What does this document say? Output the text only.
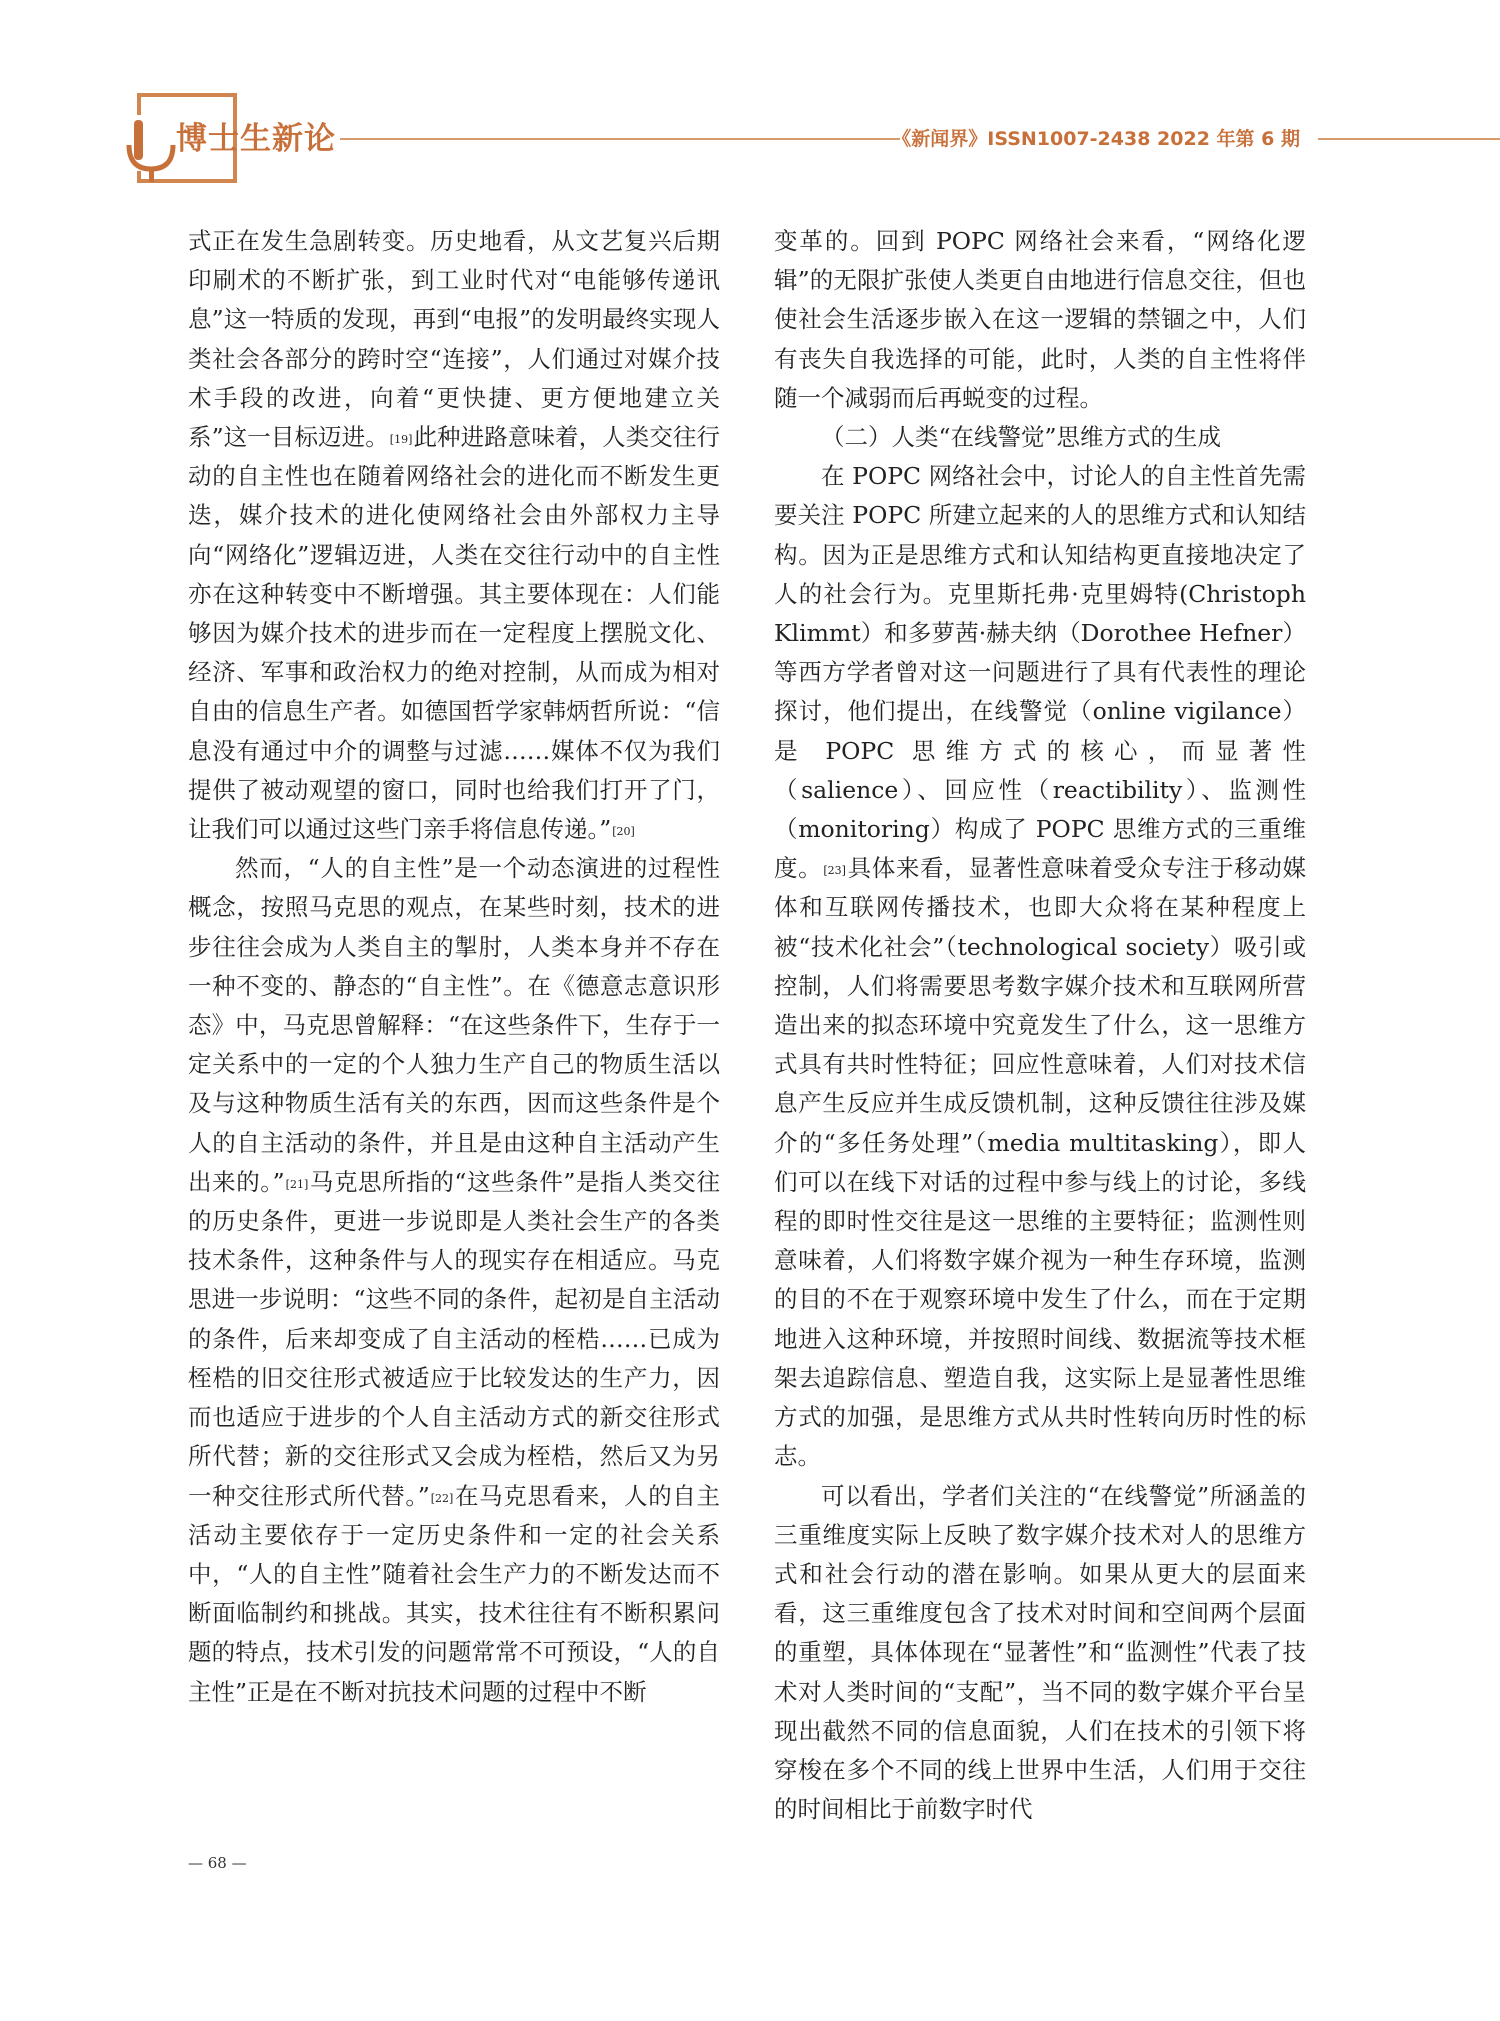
博士生新论	《新闻界》ISSN1007-2438 2022 年第 6 期

式正在发生急剧转变。历史地看，从文艺复兴后期印刷术的不断扩张，到工业时代对“电能够传递讯息”这一特质的发现，再到“电报”的发明最终实现人类社会各部分的跨时空“连接”，人们通过对媒介技术手段的改进，向着“更快捷、更方便地建立关系”这一目标迈进。[19]此种进路意味着，人类交往行动的自主性也在随着网络社会的进化而不断发生更迭，媒介技术的进化使网络社会由外部权力主导向“网络化”逻辑迈进，人类在交往行动中的自主性亦在这种转变中不断增强。其主要体现在：人们能够因为媒介技术的进步而在一定程度上摆脱文化、经济、军事和政治权力的绝对控制，从而成为相对自由的信息生产者。如德国哲学家韩炳哲所说：“信息没有通过中介的调整与过滤……媒体不仅为我们提供了被动观望的窗口，同时也给我们打开了门，让我们可以通过这些门亲手将信息传递。”[20]

然而，“人的自主性”是一个动态演进的过程性概念，按照马克思的观点，在某些时刻，技术的进步往往会成为人类自主的掣肘，人类本身并不存在一种不变的、静态的“自主性”。在《德意志意识形态》中，马克思曾解释：“在这些条件下，生存于一定关系中的一定的个人独力生产自己的物质生活以及与这种物质生活有关的东西，因而这些条件是个人的自主活动的条件，并且是由这种自主活动产生出来的。”[21]马克思所指的“这些条件”是指人类交往的历史条件，更进一步说即是人类社会生产的各类技术条件，这种条件与人的现实存在相适应。马克思进一步说明：“这些不同的条件，起初是自主活动的条件，后来却变成了自主活动的桎梏……已成为桎梏的旧交往形式被适应于比较发达的生产力，因而也适应于进步的个人自主活动方式的新交往形式所代替；新的交往形式又会成为桎梏，然后又为另一种交往形式所代替。”[22]在马克思看来，人的自主活动主要依存于一定历史条件和一定的社会关系中，“人的自主性”随着社会生产力的不断发达而不断面临制约和挑战。其实，技术往往有不断积累问题的特点，技术引发的问题常常不可预设，“人的自主性”正是在不断对抗技术问题的过程中不断

变革的。回到 POPC 网络社会来看，“网络化逻辑”的无限扩张使人类更自由地进行信息交往，但也使社会生活逐步嵌入在这一逻辑的禁锢之中，人们有丧失自我选择的可能，此时，人类的自主性将伴随一个减弱而后再蜕变的过程。

（二）人类“在线警觉”思维方式的生成

在 POPC 网络社会中，讨论人的自主性首先需要关注 POPC 所建立起来的人的思维方式和认知结构。因为正是思维方式和认知结构更直接地决定了人的社会行为。克里斯托弗·克里姆特(Christoph Klimmt）和多萝茜·赫夫纳（Dorothee Hefner）等西方学者曾对这一问题进行了具有代表性的理论探讨，他们提出，在线警觉（online vigilance）是 POPC 思维方式的核心，而显著性（salience）、回应性（reactibility）、监测性（monitoring）构成了 POPC 思维方式的三重维度。[23]具体来看，显著性意味着受众专注于移动媒体和互联网传播技术，也即大众将在某种程度上被“技术化社会”（technological society）吸引或控制，人们将需要思考数字媒介技术和互联网所营造出来的拟态环境中究竟发生了什么，这一思维方式具有共时性特征；回应性意味着，人们对技术信息产生反应并生成反馈机制，这种反馈往往涉及媒介的“多任务处理”（media multitasking），即人们可以在线下对话的过程中参与线上的讨论，多线程的即时性交往是这一思维的主要特征；监测性则意味着，人们将数字媒介视为一种生存环境，监测的目的不在于观察环境中发生了什么，而在于定期地进入这种环境，并按照时间线、数据流等技术框架去追踪信息、塑造自我，这实际上是显著性思维方式的加强，是思维方式从共时性转向历时性的标志。

可以看出，学者们关注的“在线警觉”所涵盖的三重维度实际上反映了数字媒介技术对人的思维方式和社会行动的潜在影响。如果从更大的层面来看，这三重维度包含了技术对时间和空间两个层面的重塑，具体体现在“显著性”和“监测性”代表了技术对人类时间的“支配”，当不同的数字媒介平台呈现出截然不同的信息面貌，人们在技术的引领下将穿梭在多个不同的线上世界中生活，人们用于交往的时间相比于前数字时代

— 68 —
